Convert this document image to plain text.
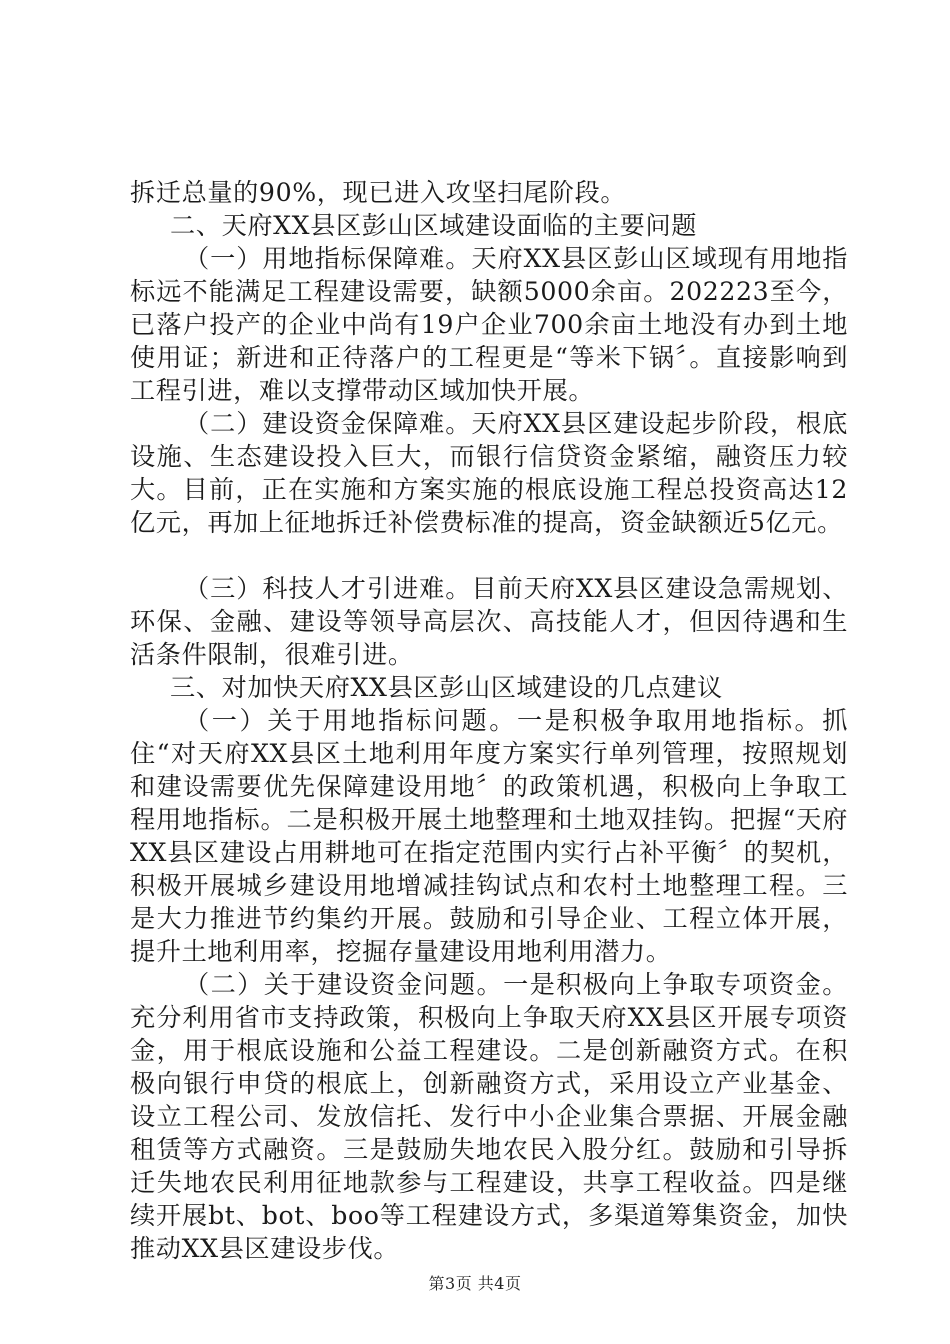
拆迁总量的90%，现已进入攻坚扫尾阶段。

二、天府XX县区彭山区域建设面临的主要问题

（一）用地指标保障难。天府XX县区彭山区域现有用地指标远不能满足工程建设需要，缺额5000余亩。202223至今，已落户投产的企业中尚有19户企业700余亩土地没有办到土地使用证；新进和正待落户的工程更是“等米下锅〞。直接影响到工程引进，难以支撑带动区域加快开展。

（二）建设资金保障难。天府XX县区建设起步阶段，根底设施、生态建设投入巨大，而银行信贷资金紧缩，融资压力较大。目前，正在实施和方案实施的根底设施工程总投资高达12亿元，再加上征地拆迁补偿费标准的提高，资金缺额近5亿元。

（三）科技人才引进难。目前天府XX县区建设急需规划、环保、金融、建设等领导高层次、高技能人才，但因待遇和生活条件限制，很难引进。

三、对加快天府XX县区彭山区域建设的几点建议

（一）关于用地指标问题。一是积极争取用地指标。抓住“对天府XX县区土地利用年度方案实行单列管理，按照规划和建设需要优先保障建设用地〞的政策机遇，积极向上争取工程用地指标。二是积极开展土地整理和土地双挂钩。把握“天府XX县区建设占用耕地可在指定范围内实行占补平衡〞的契机，积极开展城乡建设用地增减挂钩试点和农村土地整理工程。三是大力推进节约集约开展。鼓励和引导企业、工程立体开展，提升土地利用率，挖掘存量建设用地利用潜力。

（二）关于建设资金问题。一是积极向上争取专项资金。充分利用省市支持政策，积极向上争取天府XX县区开展专项资金，用于根底设施和公益工程建设。二是创新融资方式。在积极向银行申贷的根底上，创新融资方式，采用设立产业基金、设立工程公司、发放信托、发行中小企业集合票据、开展金融租赁等方式融资。三是鼓励失地农民入股分红。鼓励和引导拆迁失地农民利用征地款参与工程建设，共享工程收益。四是继续开展bt、bot、boo等工程建设方式，多渠道筹集资金，加快推动XX县区建设步伐。

第3页 共4页
